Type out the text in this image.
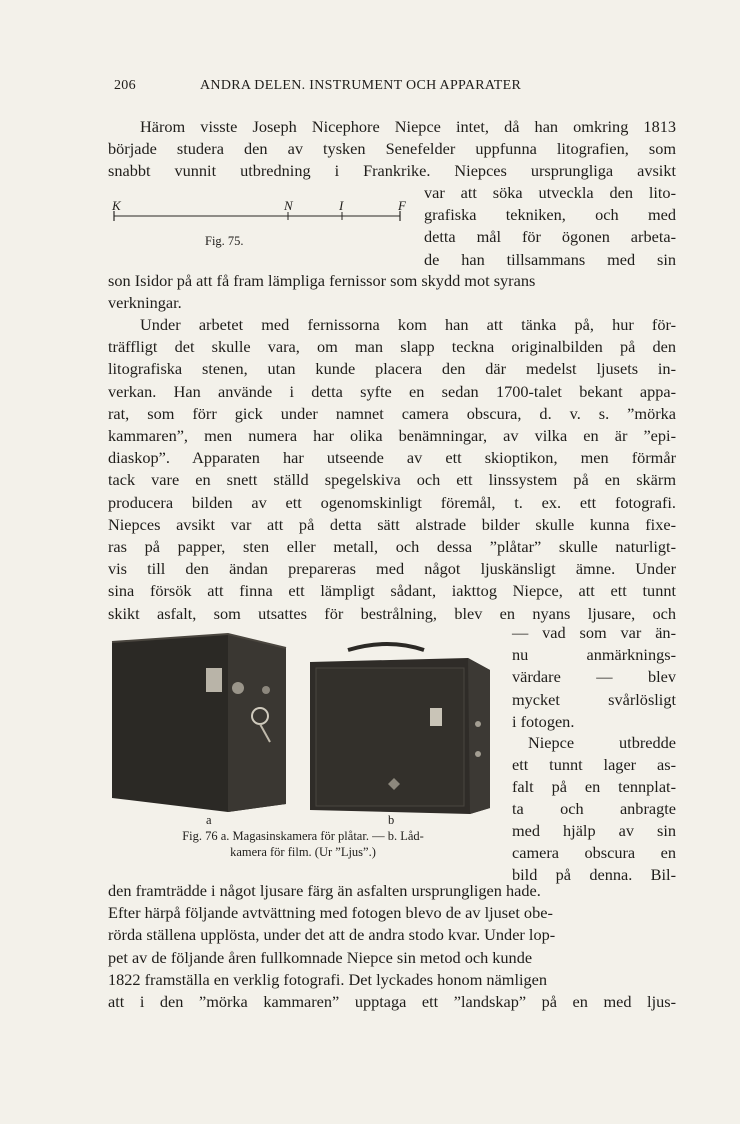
206	ANDRA DELEN. INSTRUMENT OCH APPARATER
Härom visste Joseph Nicephore Niepce intet, då han omkring 1813
började studera den av tysken Senefelder uppfunna litografien, som
snabbt vunnit utbredning i Frankrike. Niepces ursprungliga avsikt
K	N	I	F
Fig. 75.
var att söka utveckla den lito-
grafiska tekniken, och med
detta mål för ögonen arbeta-
de han tillsammans med sin
son Isidor på att få fram lämpliga fernissor som skydd mot syrans
verkningar.
Under arbetet med fernissorna kom han att tänka på, hur för-
träffligt det skulle vara, om man slapp teckna originalbilden på den
litografiska stenen, utan kunde placera den där medelst ljusets in-
verkan. Han använde i detta syfte en sedan 1700-talet bekant appa-
rat, som förr gick under namnet camera obscura, d. v. s. ”mörka
kammaren”, men numera har olika benämningar, av vilka en är ”epi-
diaskop”. Apparaten har utseende av ett skioptikon, men förmår
tack vare en snett ställd spegelskiva och ett linssystem på en skärm
producera bilden av ett ogenomskinligt föremål, t. ex. ett fotografi.
Niepces avsikt var att på detta sätt alstrade bilder skulle kunna fixe-
ras på papper, sten eller metall, och dessa ”plåtar” skulle naturligt-
vis till den ändan prepareras med något ljuskänsligt ämne. Under
sina försök att finna ett lämpligt sådant, iakttog Niepce, att ett tunnt
skikt asfalt, som utsattes för bestrålning, blev en nyans ljusare, och
— vad som var än-
nu anmärknings-
värdare — blev
mycket svårlösligt
i fotogen.
Niepce utbredde
ett tunnt lager as-
falt på en tennplat-
ta och anbragte
med hjälp av sin
camera obscura en
bild på denna. Bil-
a	b
Fig. 76 a. Magasinskamera för plåtar. — b. Låd-
kamera för film. (Ur ”Ljus”.)
den framträdde i något ljusare färg än asfalten ursprungligen hade.
Efter härpå följande avtvättning med fotogen blevo de av ljuset obe-
rörda ställena upplösta, under det att de andra stodo kvar. Under lop-
pet av de följande åren fullkomnade Niepce sin metod och kunde
1822 framställa en verklig fotografi. Det lyckades honom nämligen
att i den ”mörka kammaren” upptaga ett ”landskap” på en med ljus-
